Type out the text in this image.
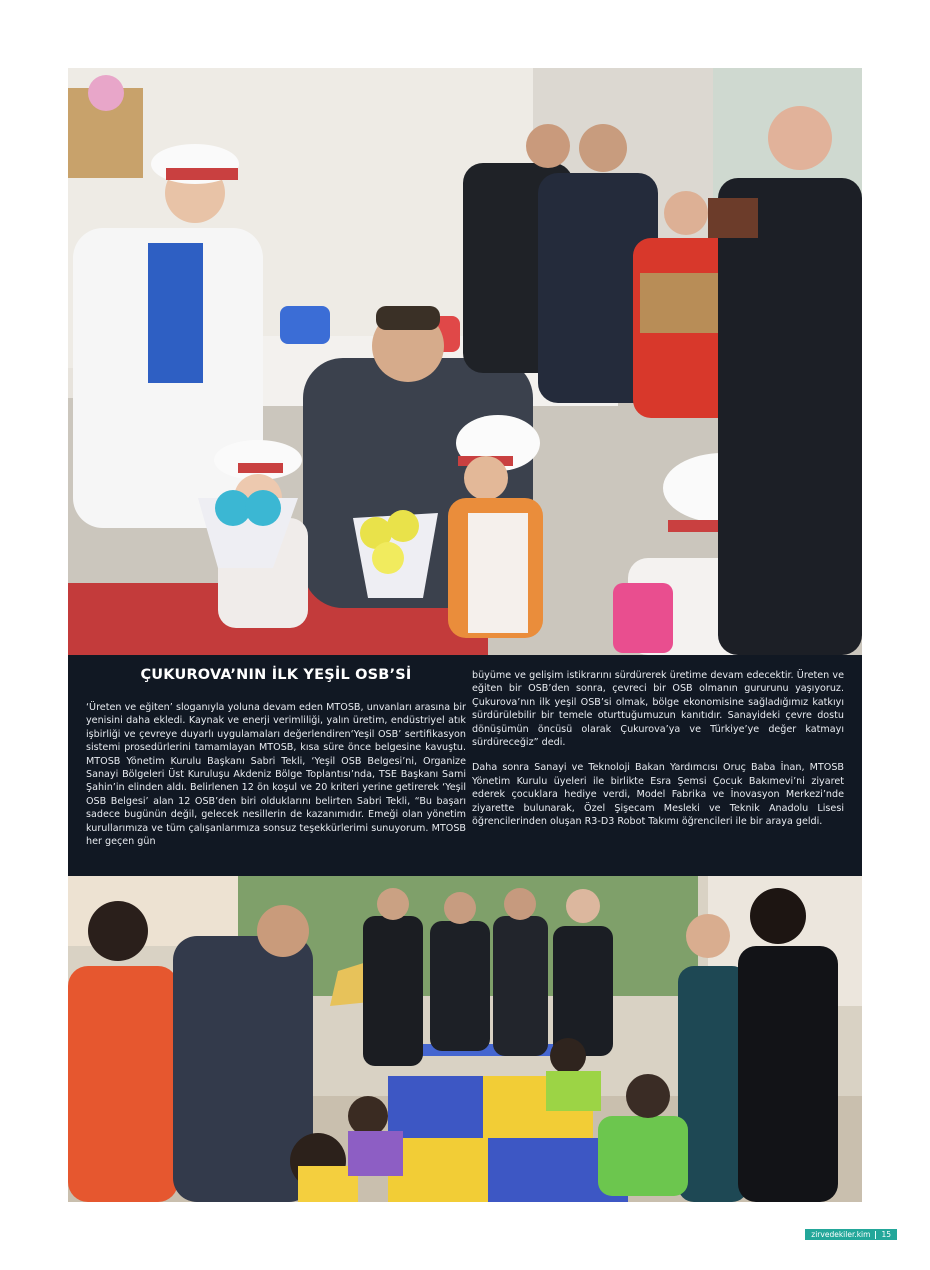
ÇUKUROVA’NIN İLK YEŞİL OSB’Sİ

‘Üreten ve eğiten’ sloganıyla yoluna devam eden MTOSB, unvanları arasına bir yenisini daha ekledi. Kaynak ve enerji verimliliği, yalın üretim, endüstriyel atık işbirliği ve çevreye duyarlı uygulamaları değerlendiren‘Yeşil OSB’ sertifikasyon sistemi prosedürlerini tamamlayan MTOSB, kısa süre önce belgesine kavuştu. MTOSB Yönetim Kurulu Başkanı Sabri Tekli, ‘Yeşil OSB Belgesi’ni, Organize Sanayi Bölgeleri Üst Kuruluşu Akdeniz Bölge Toplantısı’nda, TSE Başkanı Sami Şahin’in elinden aldı. Belirlenen 12 ön koşul ve 20 kriteri yerine getirerek ‘Yeşil OSB Belgesi’ alan 12 OSB’den biri olduklarını belirten Sabri Tekli, “Bu başarı sadece bugünün değil, gelecek nesillerin de kazanımıdır. Emeği olan yönetim kurullarımıza ve tüm çalışanlarımıza sonsuz teşekkürlerimi sunuyorum. MTOSB her geçen gün

büyüme ve gelişim istikrarını sürdürerek üretime devam edecektir. Üreten ve eğiten bir OSB’den sonra, çevreci bir OSB olmanın gururunu yaşıyoruz. Çukurova’nın ilk yeşil OSB’si olmak, bölge ekonomisine sağladığımız katkıyı sürdürülebilir bir temele oturttuğumuzun kanıtıdır. Sanayideki çevre dostu dönüşümün öncüsü olarak Çukurova’ya ve Türkiye’ye değer katmayı sürdüreceğiz” dedi.

Daha sonra Sanayi ve Teknoloji Bakan Yardımcısı Oruç Baba İnan, MTOSB Yönetim Kurulu üyeleri ile birlikte Esra Şemsi Çocuk Bakımevi’ni ziyaret ederek çocuklara hediye verdi, Model Fabrika ve İnovasyon Merkezi’nde ziyarette bulunarak, Özel Şişecam Mesleki ve Teknik Anadolu Lisesi öğrencilerinden oluşan R3-D3 Robot Takımı öğrencileri ile bir araya geldi.

zirvedekiler.kim 15
